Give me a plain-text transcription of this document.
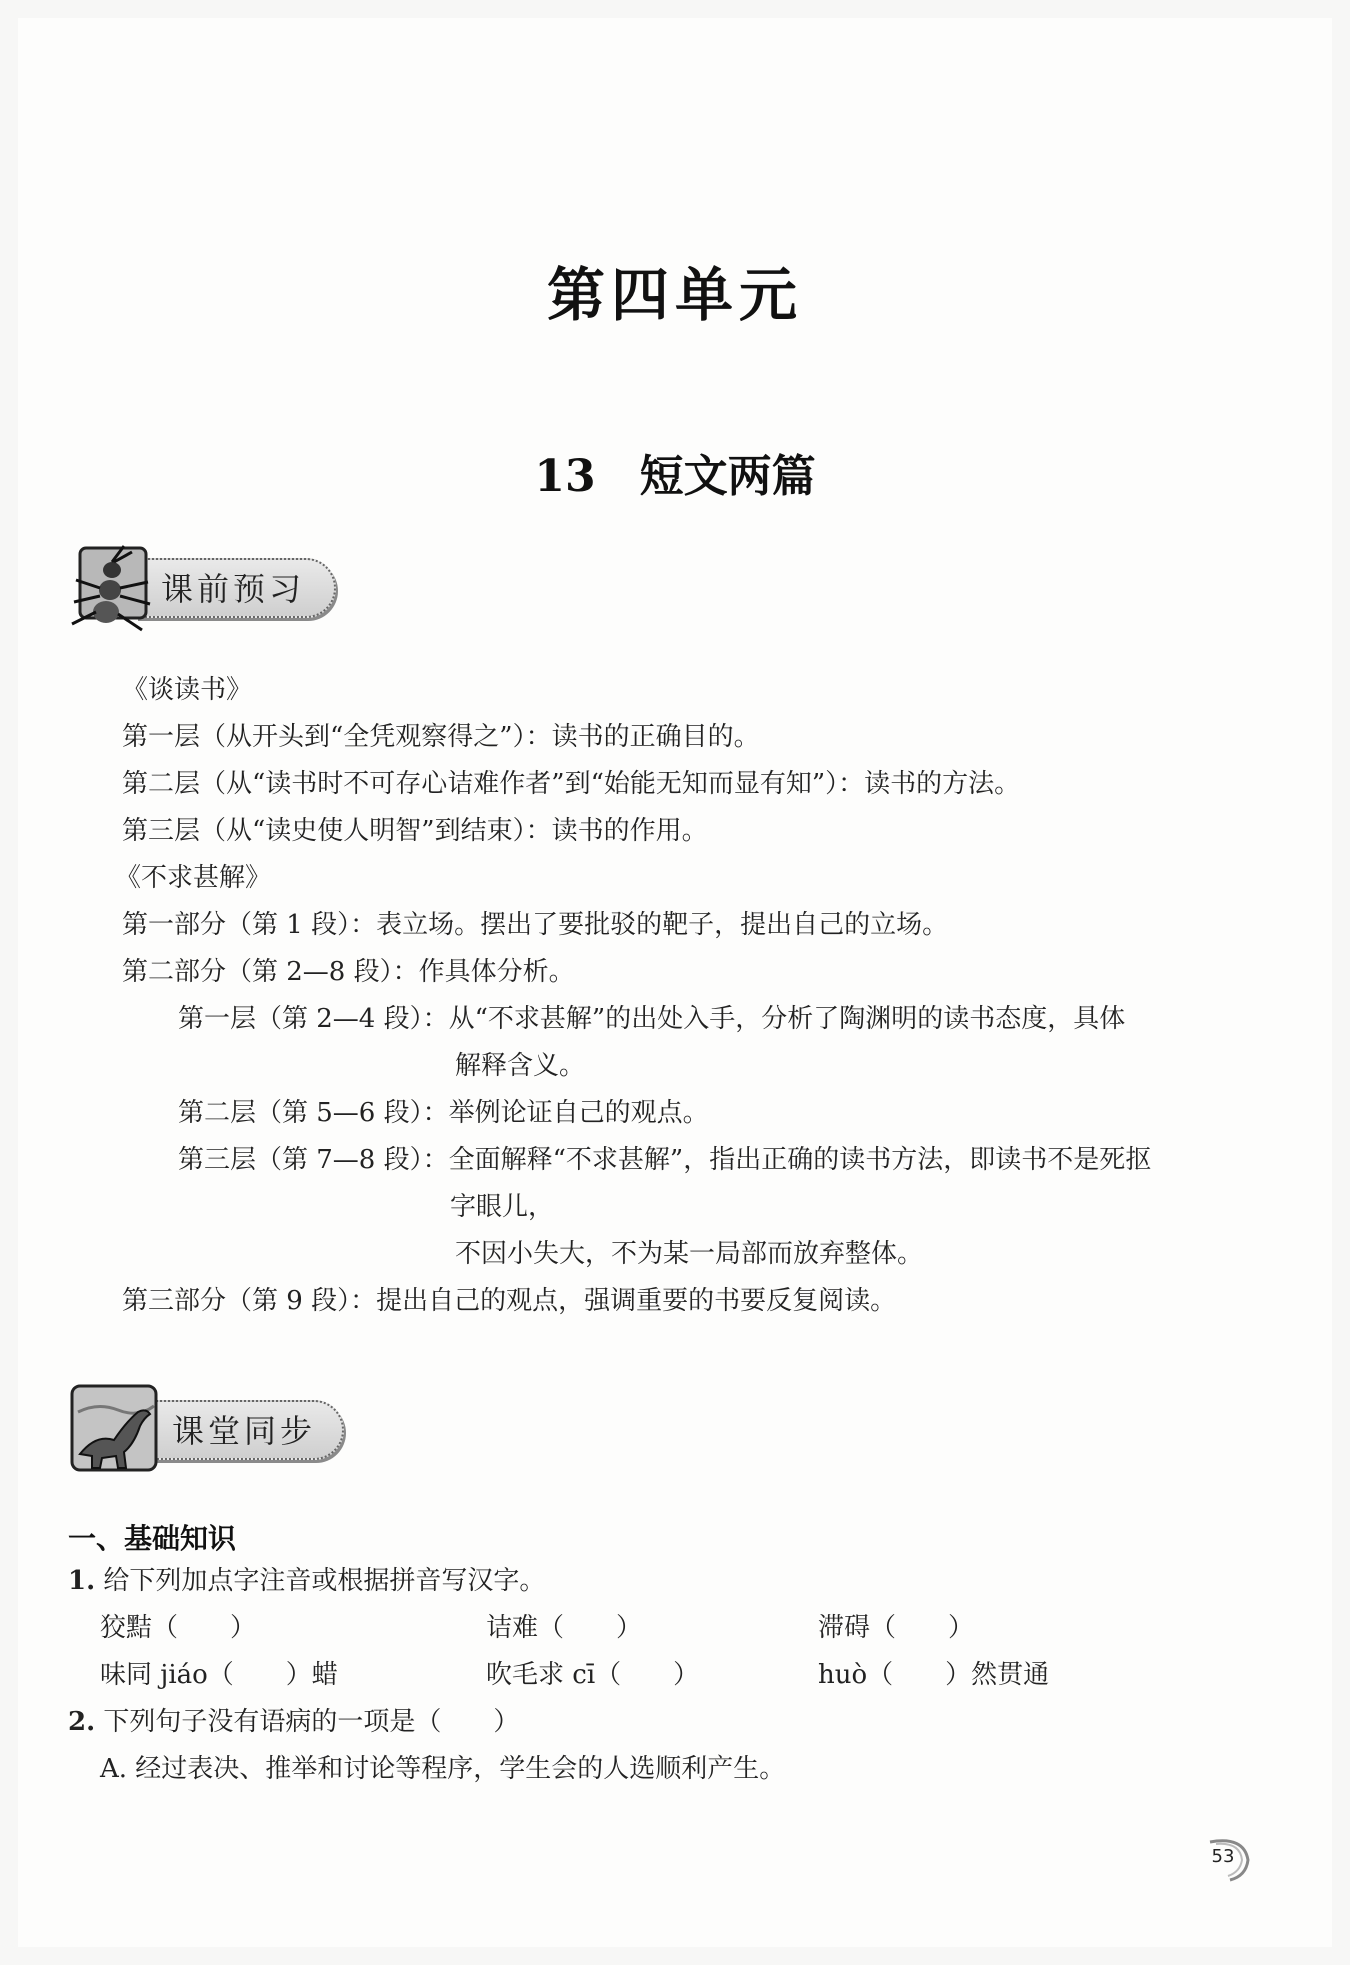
第四单元
13 短文两篇
课前预习
《谈读书》
第一层（从开头到“全凭观察得之”）：读书的正确目的。
第二层（从“读书时不可存心诘难作者”到“始能无知而显有知”）：读书的方法。
第三层（从“读史使人明智”到结束）：读书的作用。
《不求甚解》
第一部分（第 1 段）：表立场。摆出了要批驳的靶子，提出自己的立场。
第二部分（第 2—8 段）：作具体分析。
第一层（第 2—4 段）：从“不求甚解”的出处入手，分析了陶渊明的读书态度，具体
解释含义。
第二层（第 5—6 段）：举例论证自己的观点。
第三层（第 7—8 段）：全面解释“不求甚解”，指出正确的读书方法，即读书不是死抠
字眼儿，
不因小失大，不为某一局部而放弃整体。
第三部分（第 9 段）：提出自己的观点，强调重要的书要反复阅读。
课堂同步
一、基础知识
1. 给下列加点字注音或根据拼音写汉字。
狡黠（　　）	诘难（　　）	滞碍（　　）
味同 jiáo（　　）蜡	吹毛求 cī（　　）	huò（　　）然贯通
2. 下列句子没有语病的一项是（　　）
A. 经过表决、推举和讨论等程序，学生会的人选顺利产生。
53
